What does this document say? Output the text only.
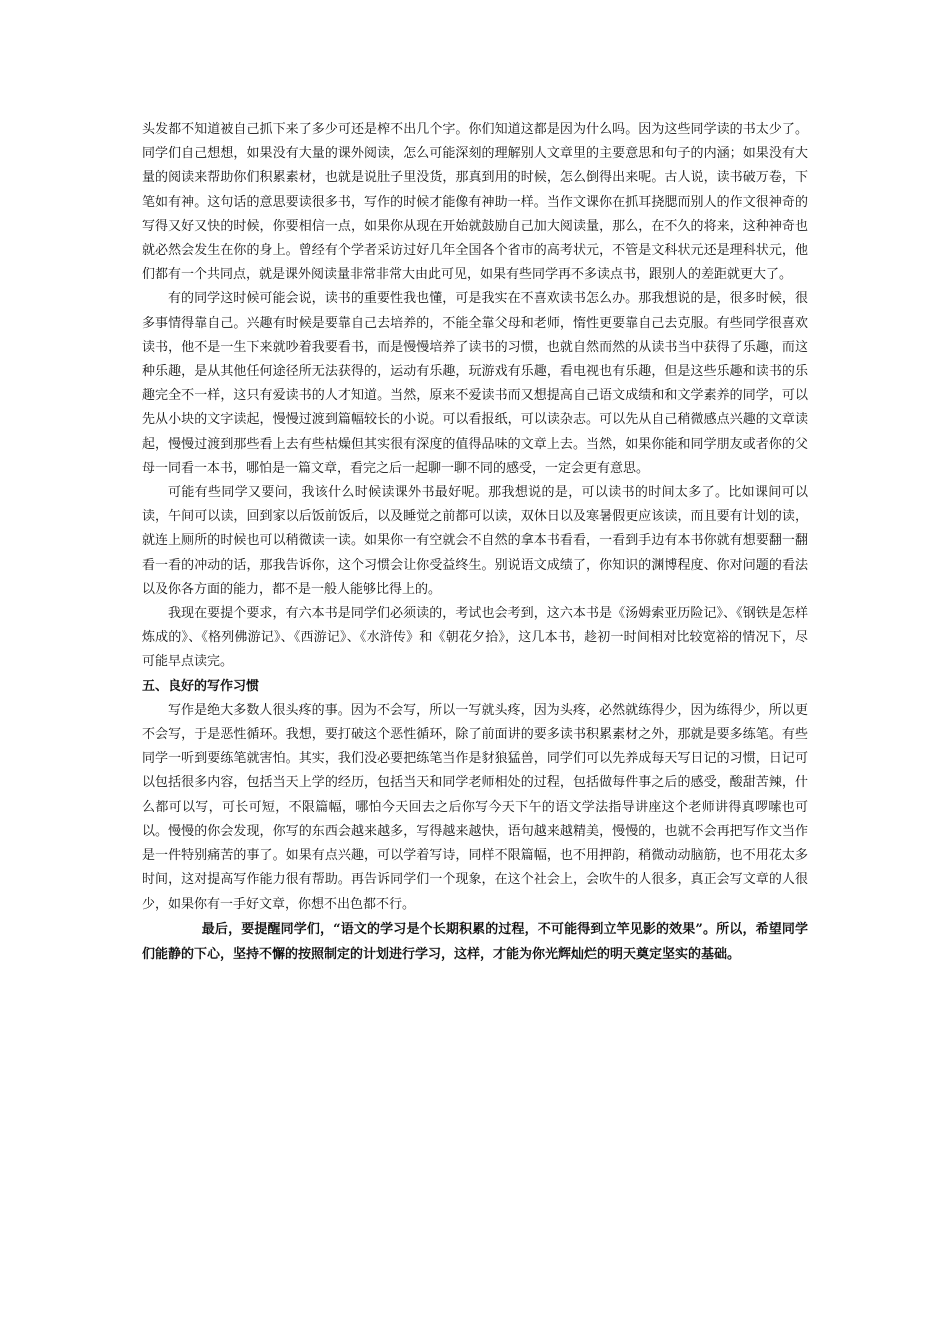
头发都不知道被自己抓下来了多少可还是榨不出几个字。你们知道这都是因为什么吗。因为这些同学读的书太少了。同学们自己想想，如果没有大量的课外阅读，怎么可能深刻的理解别人文章里的主要意思和句子的内涵；如果没有大量的阅读来帮助你们积累素材，也就是说肚子里没货，那真到用的时候，怎么倒得出来呢。古人说，读书破万卷，下笔如有神。这句话的意思要读很多书，写作的时候才能像有神助一样。当作文课你在抓耳挠腮而别人的作文很神奇的写得又好又快的时候，你要相信一点，如果你从现在开始就鼓励自己加大阅读量，那么，在不久的将来，这种神奇也就必然会发生在你的身上。曾经有个学者采访过好几年全国各个省市的高考状元，不管是文科状元还是理科状元，他们都有一个共同点，就是课外阅读量非常非常大由此可见，如果有些同学再不多读点书，跟别人的差距就更大了。

有的同学这时候可能会说，读书的重要性我也懂，可是我实在不喜欢读书怎么办。那我想说的是，很多时候，很多事情得靠自己。兴趣有时候是要靠自己去培养的，不能全靠父母和老师，惰性更要靠自己去克服。有些同学很喜欢读书，他不是一生下来就吵着我要看书，而是慢慢培养了读书的习惯，也就自然而然的从读书当中获得了乐趣，而这种乐趣，是从其他任何途径所无法获得的，运动有乐趣，玩游戏有乐趣，看电视也有乐趣，但是这些乐趣和读书的乐趣完全不一样，这只有爱读书的人才知道。当然，原来不爱读书而又想提高自己语文成绩和和文学素养的同学，可以先从小块的文字读起，慢慢过渡到篇幅较长的小说。可以看报纸，可以读杂志。可以先从自己稍微感点兴趣的文章读起，慢慢过渡到那些看上去有些枯燥但其实很有深度的值得品味的文章上去。当然，如果你能和同学朋友或者你的父母一同看一本书，哪怕是一篇文章，看完之后一起聊一聊不同的感受，一定会更有意思。

可能有些同学又要问，我该什么时候读课外书最好呢。那我想说的是，可以读书的时间太多了。比如课间可以读，午间可以读，回到家以后饭前饭后，以及睡觉之前都可以读，双休日以及寒暑假更应该读，而且要有计划的读，就连上厕所的时候也可以稍微读一读。如果你一有空就会不自然的拿本书看看，一看到手边有本书你就有想要翻一翻看一看的冲动的话，那我告诉你，这个习惯会让你受益终生。别说语文成绩了，你知识的渊博程度、你对问题的看法以及你各方面的能力，都不是一般人能够比得上的。

我现在要提个要求，有六本书是同学们必须读的，考试也会考到，这六本书是《汤姆索亚历险记》、《钢铁是怎样炼成的》、《格列佛游记》、《西游记》、《水浒传》和《朝花夕拾》，这几本书，趁初一时间相对比较宽裕的情况下，尽可能早点读完。

五、良好的写作习惯

写作是绝大多数人很头疼的事。因为不会写，所以一写就头疼，因为头疼，必然就练得少，因为练得少，所以更不会写，于是恶性循环。我想，要打破这个恶性循环，除了前面讲的要多读书积累素材之外，那就是要多练笔。有些同学一听到要练笔就害怕。其实，我们没必要把练笔当作是豺狼猛兽，同学们可以先养成每天写日记的习惯，日记可以包括很多内容，包括当天上学的经历，包括当天和同学老师相处的过程，包括做每件事之后的感受，酸甜苦辣，什么都可以写，可长可短，不限篇幅，哪怕今天回去之后你写今天下午的语文学法指导讲座这个老师讲得真啰嗦也可以。慢慢的你会发现，你写的东西会越来越多，写得越来越快，语句越来越精美，慢慢的，也就不会再把写作文当作是一件特别痛苦的事了。如果有点兴趣，可以学着写诗，同样不限篇幅，也不用押韵，稍微动动脑筋，也不用花太多时间，这对提高写作能力很有帮助。再告诉同学们一个现象，在这个社会上，会吹牛的人很多，真正会写文章的人很少，如果你有一手好文章，你想不出色都不行。

最后，要提醒同学们，“语文的学习是个长期积累的过程，不可能得到立竿见影的效果”。所以，希望同学们能静的下心，坚持不懈的按照制定的计划进行学习，这样，才能为你光辉灿烂的明天奠定坚实的基础。
